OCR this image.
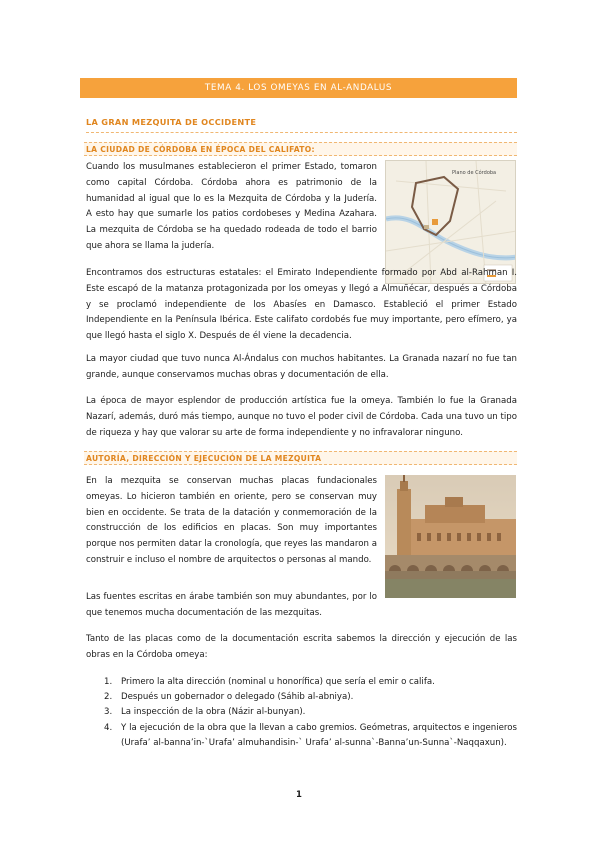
TEMA 4. LOS OMEYAS EN AL-ANDALUS
LA GRAN MEZQUITA DE OCCIDENTE
LA CIUDAD DE CÓRDOBA EN ÉPOCA DEL CALIFATO:
Cuando los musulmanes establecieron el primer Estado, tomaron como capital Córdoba. Córdoba ahora es patrimonio de la humanidad al igual que lo es la Mezquita de Córdoba y la Judería. A esto hay que sumarle los patios cordobeses y Medina Azahara. La mezquita de Córdoba se ha quedado rodeada de todo el barrio que ahora se llama la judería.
Plano de Córdoba
Encontramos dos estructuras estatales: el Emirato Independiente formado por Abd al-Rahman I. Este escapó de la matanza protagonizada por los omeyas y llegó a Almuñécar, después a Córdoba y se proclamó independiente de los Abasíes en Damasco. Estableció el primer Estado Independiente en la Península Ibérica. Este califato cordobés fue muy importante, pero efímero, ya que llegó hasta el siglo X. Después de él viene la decadencia.
La mayor ciudad que tuvo nunca Al-Ándalus con muchos habitantes. La Granada nazarí no fue tan grande, aunque conservamos muchas obras y documentación de ella.
La época de mayor esplendor de producción artística fue la omeya. También lo fue la Granada Nazarí, además, duró más tiempo, aunque no tuvo el poder civil de Córdoba. Cada una tuvo un tipo de riqueza y hay que valorar su arte de forma independiente y no infravalorar ninguno.
AUTORÍA, DIRECCIÓN Y EJECUCIÓN DE LA MEZQUITA
En la mezquita se conservan muchas placas fundacionales omeyas. Lo hicieron también en oriente, pero se conservan muy bien en occidente. Se trata de la datación y conmemoración de la construcción de los edificios en placas. Son muy importantes porque nos permiten datar la cronología, que reyes las mandaron a construir e incluso el nombre de arquitectos o personas al mando.
Las fuentes escritas en árabe también son muy abundantes, por lo que tenemos mucha documentación de las mezquitas.
Tanto de las placas como de la documentación escrita sabemos la dirección y ejecución de las obras en la Córdoba omeya:
1. Primero la alta dirección (nominal u honorífica) que sería el emir o califa.
2. Después un gobernador o delegado (Sáhib al-abniya).
3. La inspección de la obra (Názir al-bunyan).
4. Y la ejecución de la obra que la llevan a cabo gremios. Geómetras, arquitectos e ingenieros (Urafa’ al-banna’in-`Urafa’ almuhandisin-` Urafa’ al-sunna`-Banna’un-Sunna`-Naqqaxun).
1
